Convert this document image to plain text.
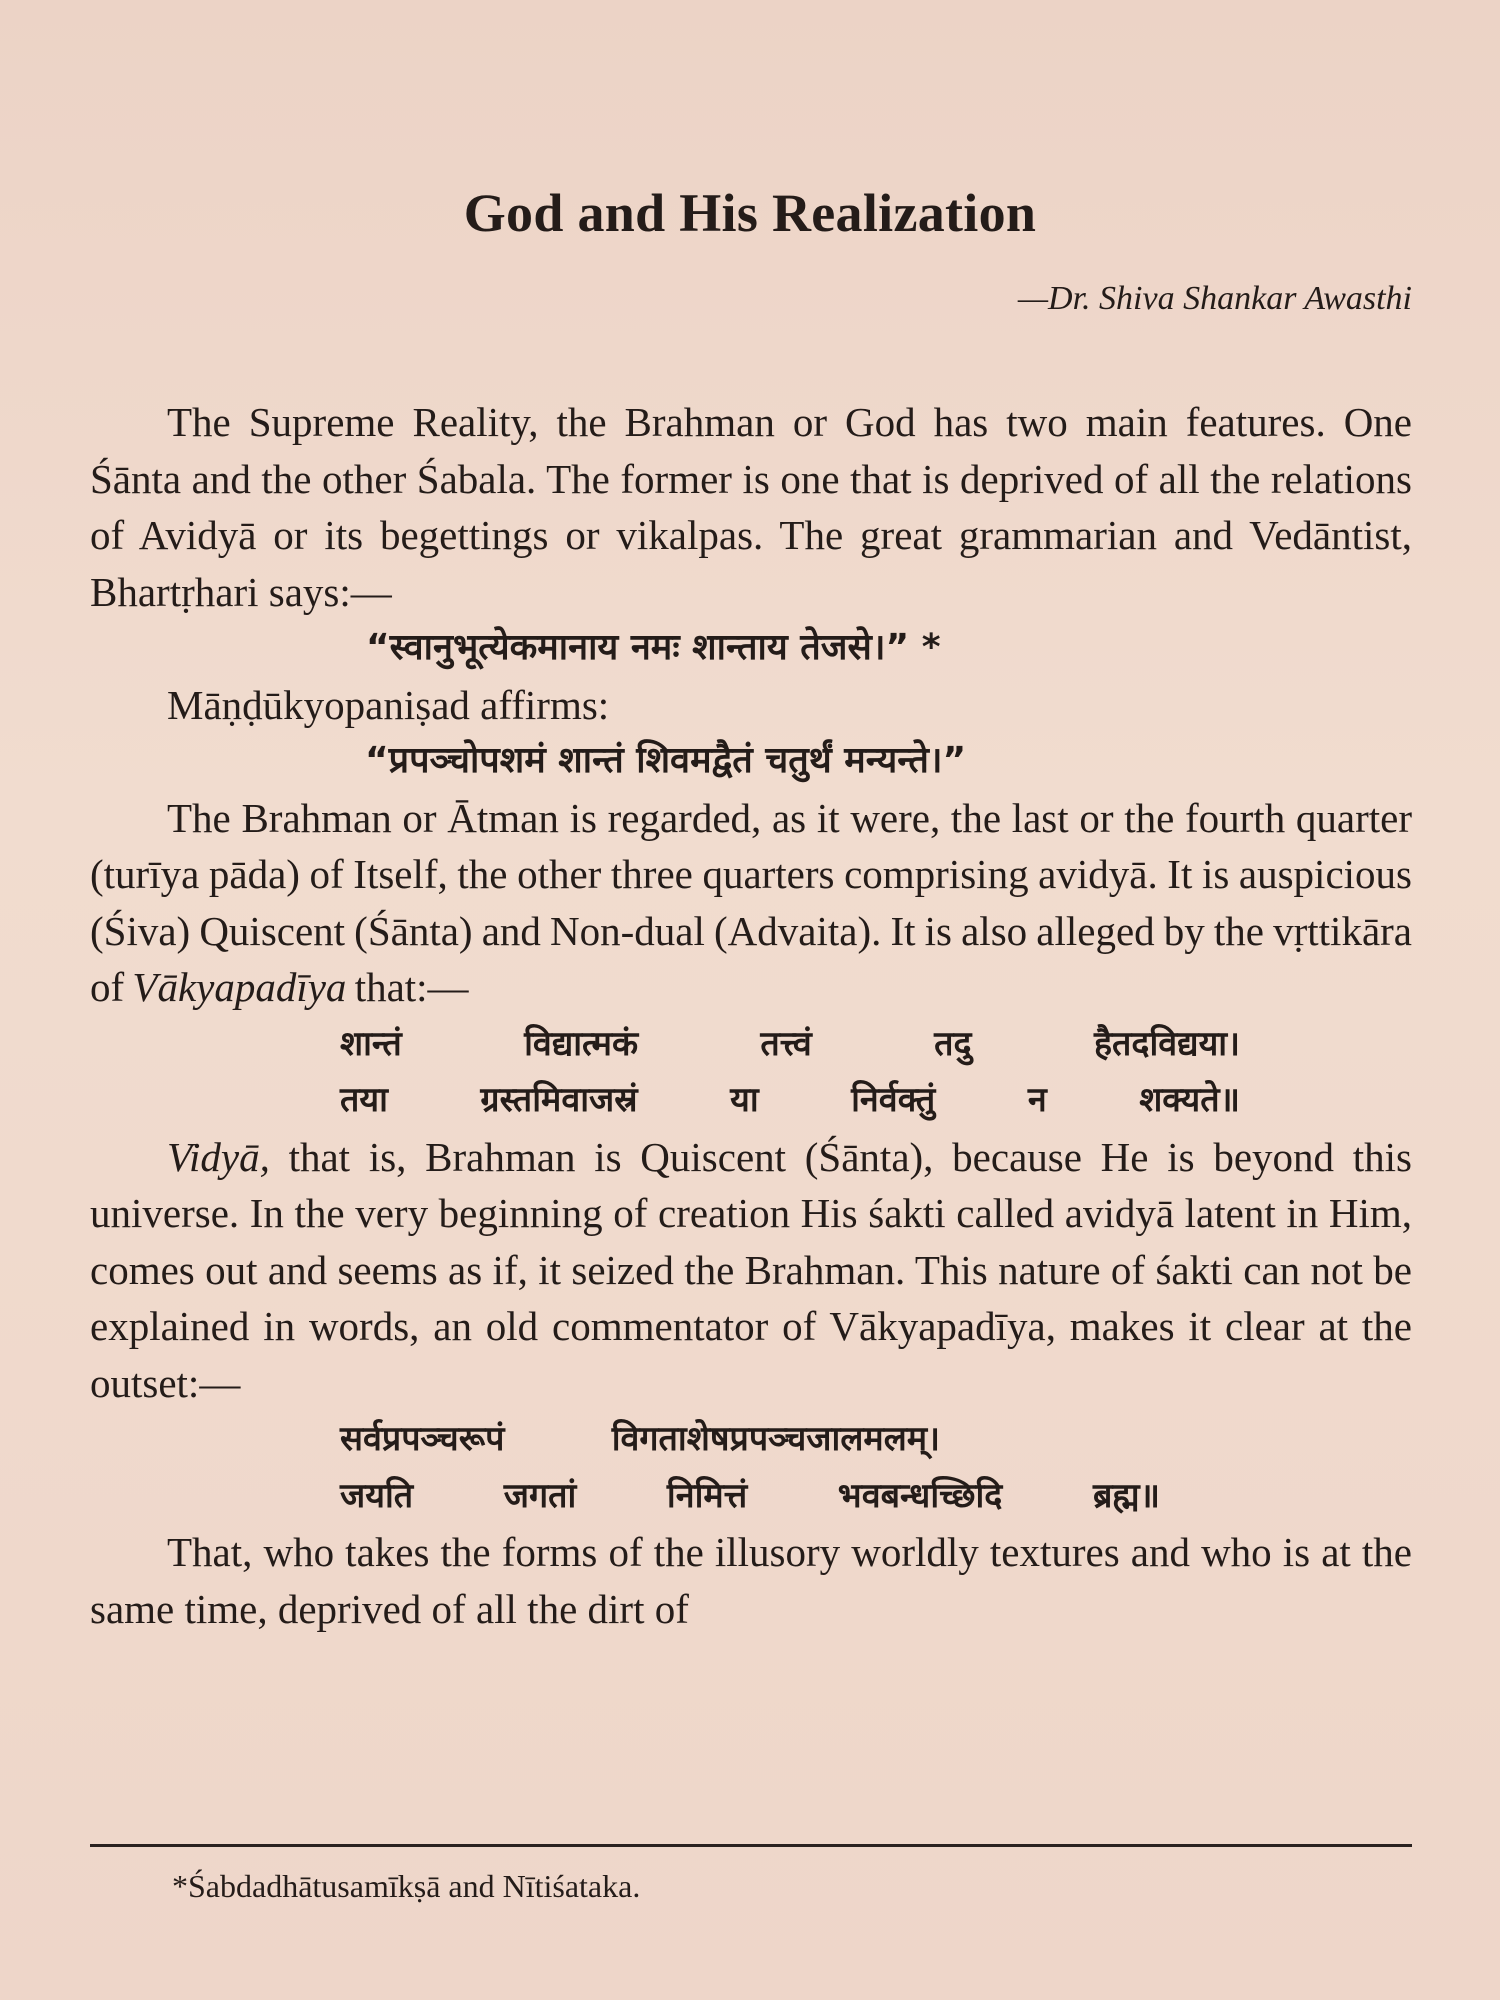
God and His Realization
—Dr. Shiva Shankar Awasthi

The Supreme Reality, the Brahman or God has two main features. One Śānta and the other Śabala. The former is one that is deprived of all the relations of Avidyā or its begettings or vikalpas. The great grammarian and Vedāntist, Bhartṛhari says:—

“स्वानुभूत्येकमानाय नमः शान्ताय तेजसे।” *

Māṇḍūkyopaniṣad affirms:

“प्रपञ्चोपशमं शान्तं शिवमद्वैतं चतुर्थं मन्यन्ते।”

The Brahman or Ātman is regarded, as it were, the last or the fourth quarter (turīya pāda) of Itself, the other three quarters comprising avidyā. It is auspicious (Śiva) Quiscent (Śānta) and Non-dual (Advaita). It is also alleged by the vṛttikāra of Vākyapadīya that:—

शान्तं	विद्यात्मकं	तत्त्वं	तदु	हैतदविद्यया।
तया	ग्रस्तमिवाजस्रं	या	निर्वक्तुं	न	शक्यते॥

Vidyā, that is, Brahman is Quiscent (Śānta), because He is beyond this universe. In the very beginning of creation His śakti called avidyā latent in Him, comes out and seems as if, it seized the Brahman. This nature of śakti can not be explained in words, an old commentator of Vākyapadīya, makes it clear at the outset:—

सर्वप्रपञ्चरूपं	विगताशेषप्रपञ्चजालमलम्।
जयति	जगतां	निमित्तं	भवबन्धच्छिदि	ब्रह्म॥

That, who takes the forms of the illusory worldly textures and who is at the same time, deprived of all the dirt of

*Śabdadhātusamīkṣā and Nītiśataka.
